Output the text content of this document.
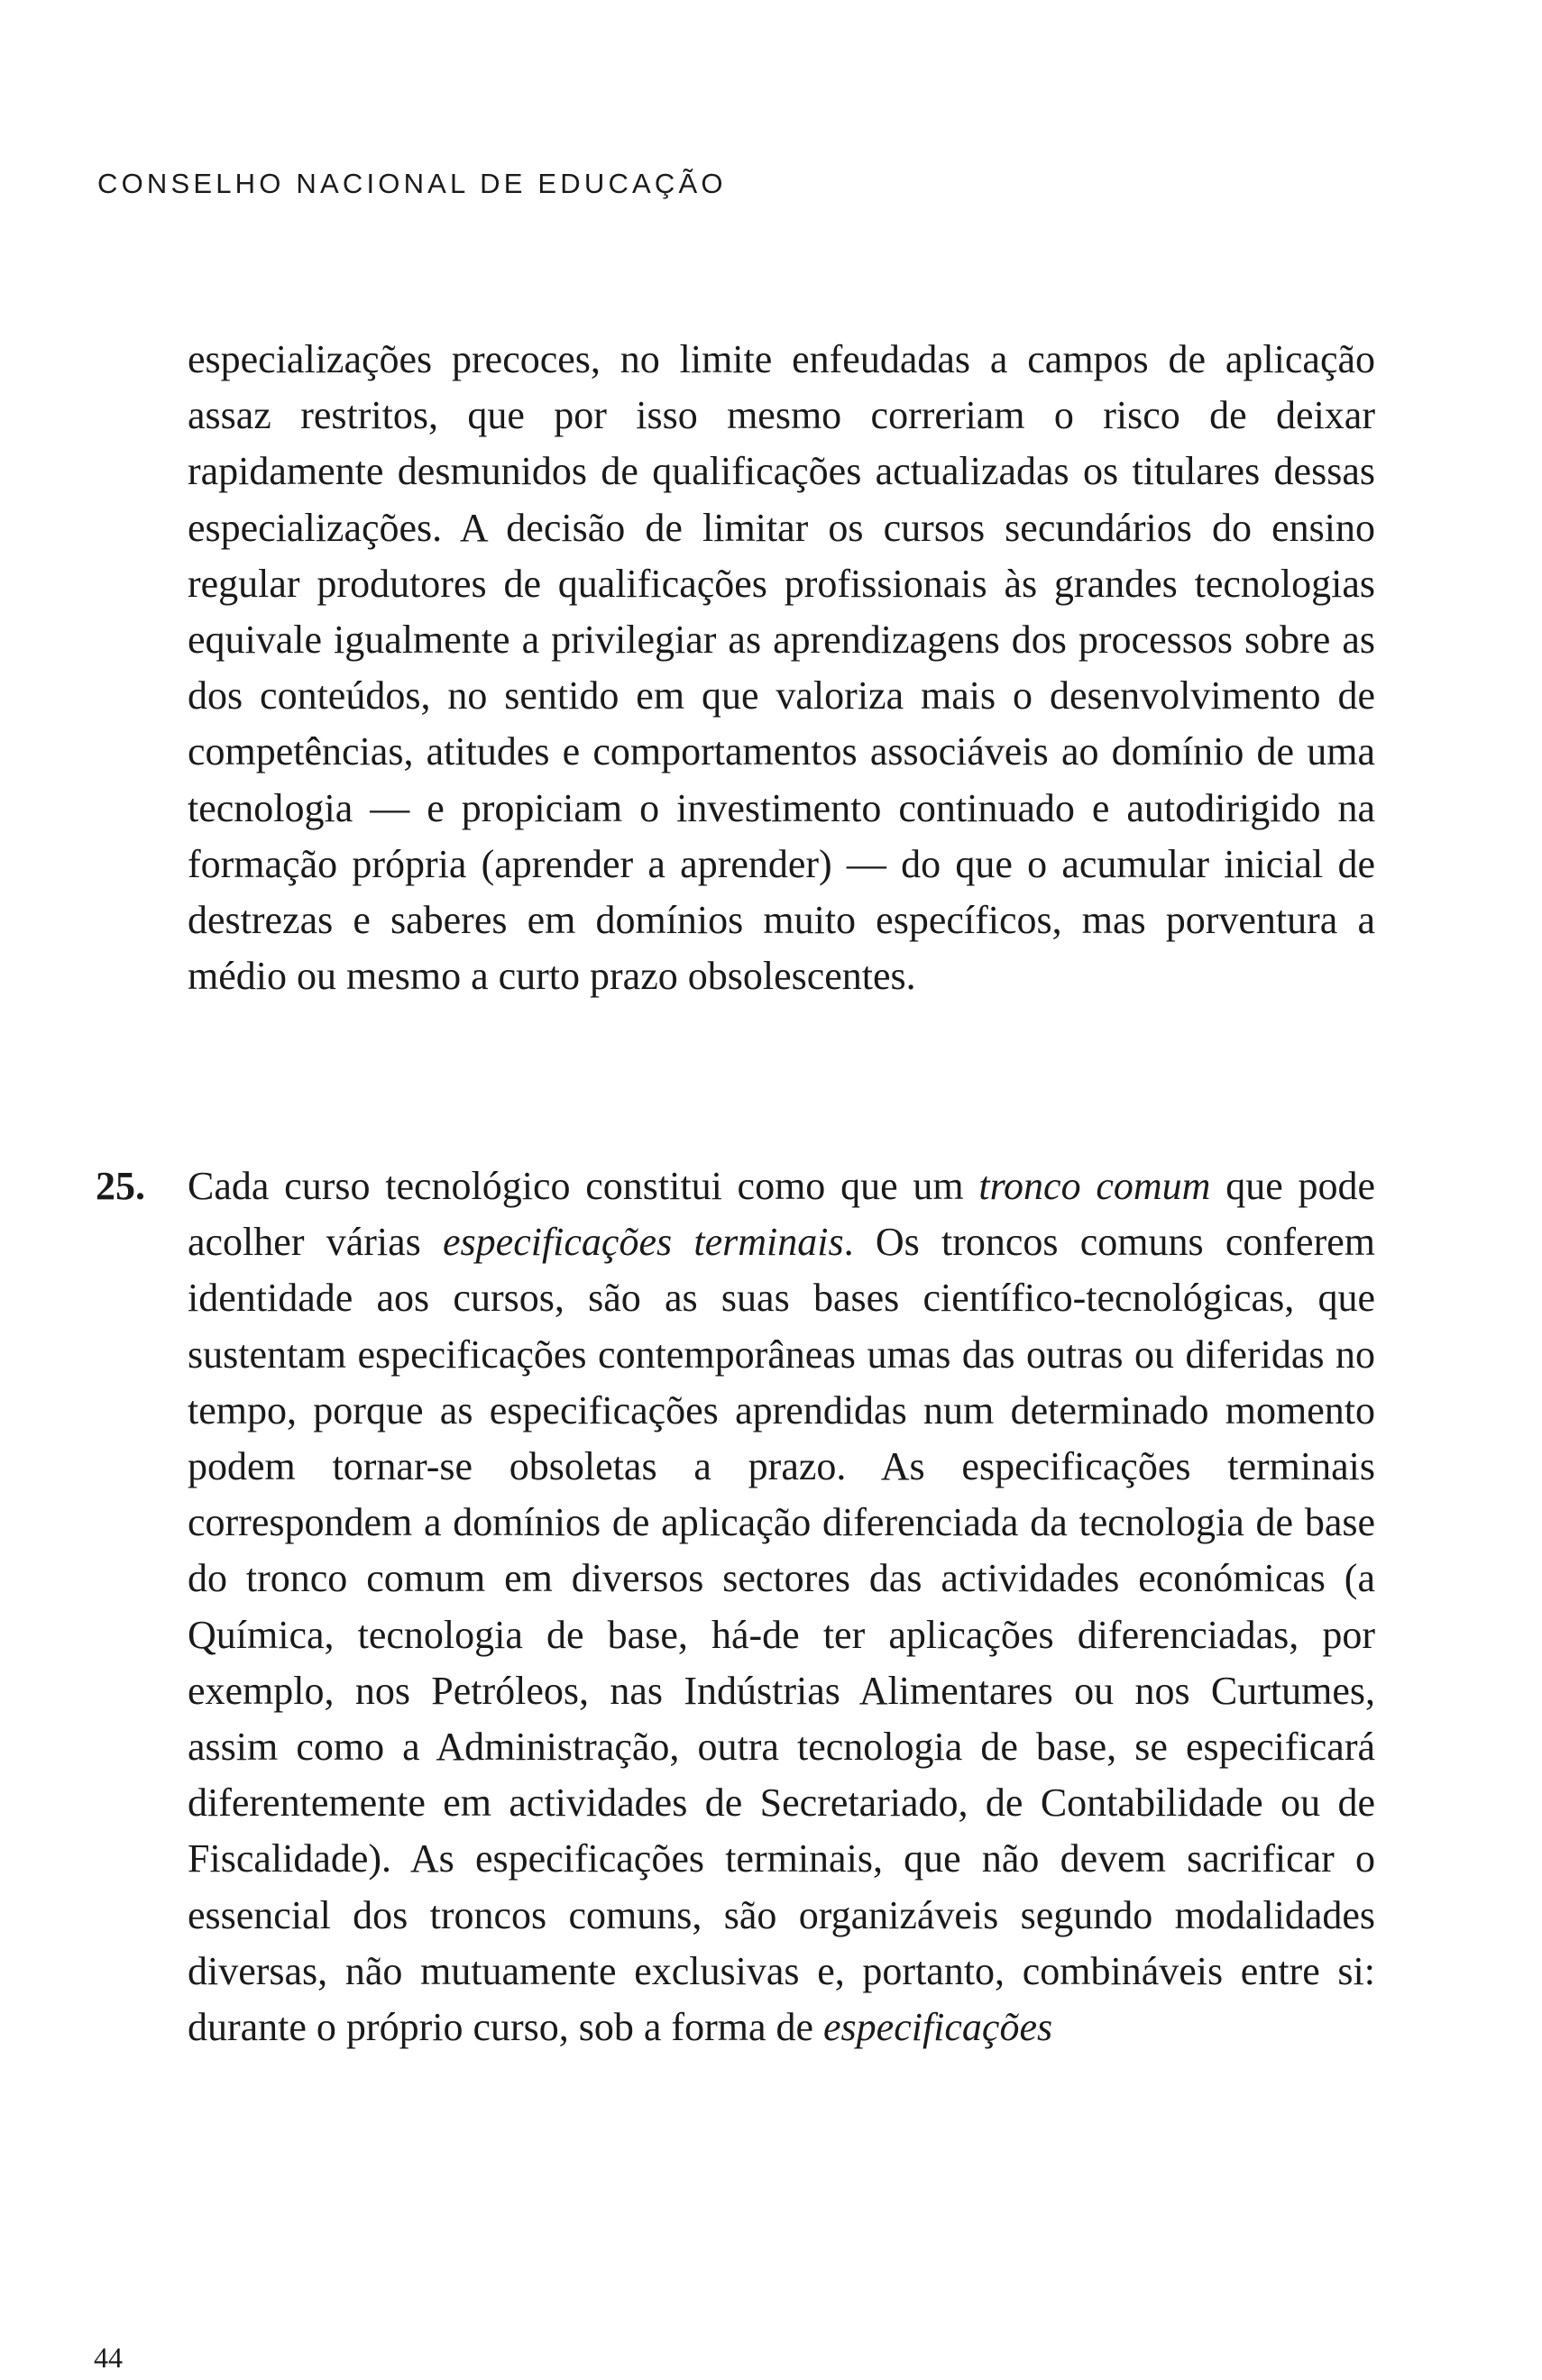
CONSELHO NACIONAL DE EDUCAÇÃO
especializações precoces, no limite enfeudadas a campos de aplicação assaz restritos, que por isso mesmo correriam o risco de deixar rapidamente desmunidos de qualificações actualizadas os titulares dessas especializações. A decisão de limitar os cursos secundários do ensino regular produtores de qualificações profissionais às grandes tecnologias equivale igualmente a privilegiar as aprendizagens dos processos sobre as dos conteúdos, no sentido em que valoriza mais o desenvolvimento de competências, atitudes e comportamentos associáveis ao domínio de uma tecnologia — e propiciam o investimento continuado e autodirigido na formação própria (aprender a aprender) — do que o acumular inicial de destrezas e saberes em domínios muito específicos, mas porventura a médio ou mesmo a curto prazo obsolescentes.
25. Cada curso tecnológico constitui como que um tronco comum que pode acolher várias especificações terminais. Os troncos comuns conferem identidade aos cursos, são as suas bases científico-tecnológicas, que sustentam especificações contemporâneas umas das outras ou diferidas no tempo, porque as especificações aprendidas num determinado momento podem tornar-se obsoletas a prazo. As especificações terminais correspondem a domínios de aplicação diferenciada da tecnologia de base do tronco comum em diversos sectores das actividades económicas (a Química, tecnologia de base, há-de ter aplicações diferenciadas, por exemplo, nos Petróleos, nas Indústrias Alimentares ou nos Curtumes, assim como a Administração, outra tecnologia de base, se especificará diferentemente em actividades de Secretariado, de Contabilidade ou de Fiscalidade). As especificações terminais, que não devem sacrificar o essencial dos troncos comuns, são organizáveis segundo modalidades diversas, não mutuamente exclusivas e, portanto, combináveis entre si: durante o próprio curso, sob a forma de especificações
44
